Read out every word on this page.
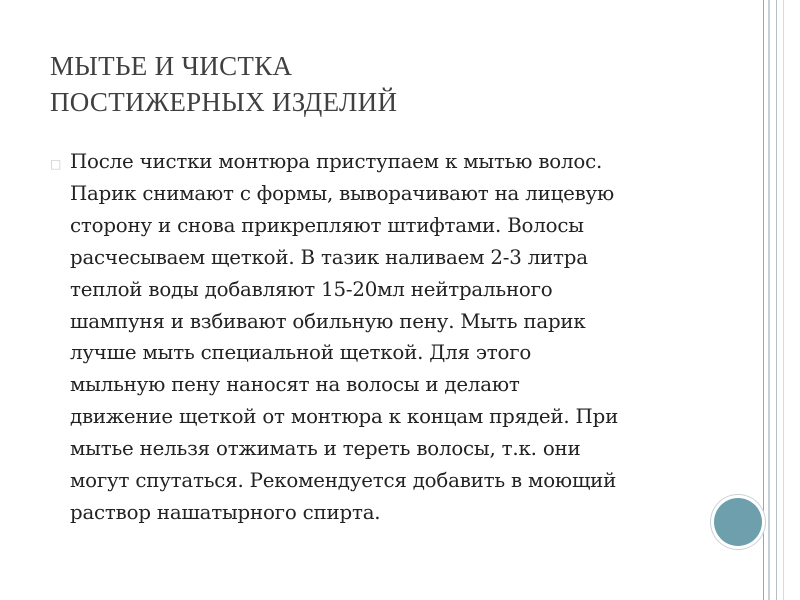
МЫТЬЕ И ЧИСТКА
ПОСТИЖЕРНЫХ ИЗДЕЛИЙ
□ После чистки монтюра приступаем к мытью волос.
Парик снимают с формы, выворачивают на лицевую
сторону и снова прикрепляют штифтами. Волосы
расчесываем щеткой. В тазик наливаем 2-3 литра
теплой воды добавляют 15-20мл нейтрального
шампуня и взбивают обильную пену. Мыть парик
лучше мыть специальной щеткой. Для этого
мыльную пену наносят на волосы и делают
движение щеткой от монтюра к концам прядей. При
мытье нельзя отжимать и тереть волосы, т.к. они
могут спутаться. Рекомендуется добавить в моющий
раствор нашатырного спирта.
